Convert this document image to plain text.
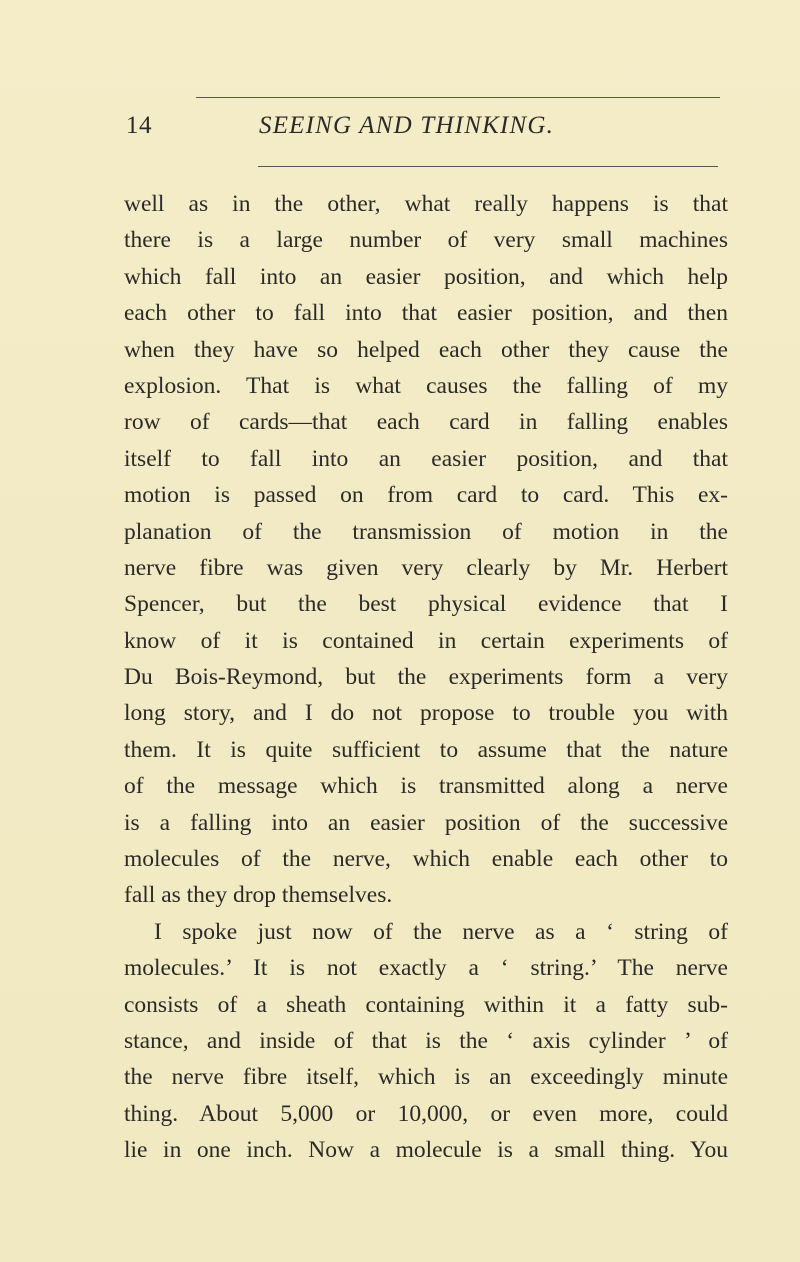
14	SEEING AND THINKING.
well as in the other, what really happens is that
there is a large number of very small machines
which fall into an easier position, and which help
each other to fall into that easier position, and then
when they have so helped each other they cause the
explosion. That is what causes the falling of my
row of cards—that each card in falling enables
itself to fall into an easier position, and that
motion is passed on from card to card. This ex-
planation of the transmission of motion in the
nerve fibre was given very clearly by Mr. Herbert
Spencer, but the best physical evidence that I
know of it is contained in certain experiments of
Du Bois-Reymond, but the experiments form a very
long story, and I do not propose to trouble you with
them. It is quite sufficient to assume that the nature
of the message which is transmitted along a nerve
is a falling into an easier position of the successive
molecules of the nerve, which enable each other to
fall as they drop themselves.
I spoke just now of the nerve as a ‘ string of
molecules.’ It is not exactly a ‘ string.’ The nerve
consists of a sheath containing within it a fatty sub-
stance, and inside of that is the ‘ axis cylinder ’ of
the nerve fibre itself, which is an exceedingly minute
thing. About 5,000 or 10,000, or even more, could
lie in one inch. Now a molecule is a small thing. You
